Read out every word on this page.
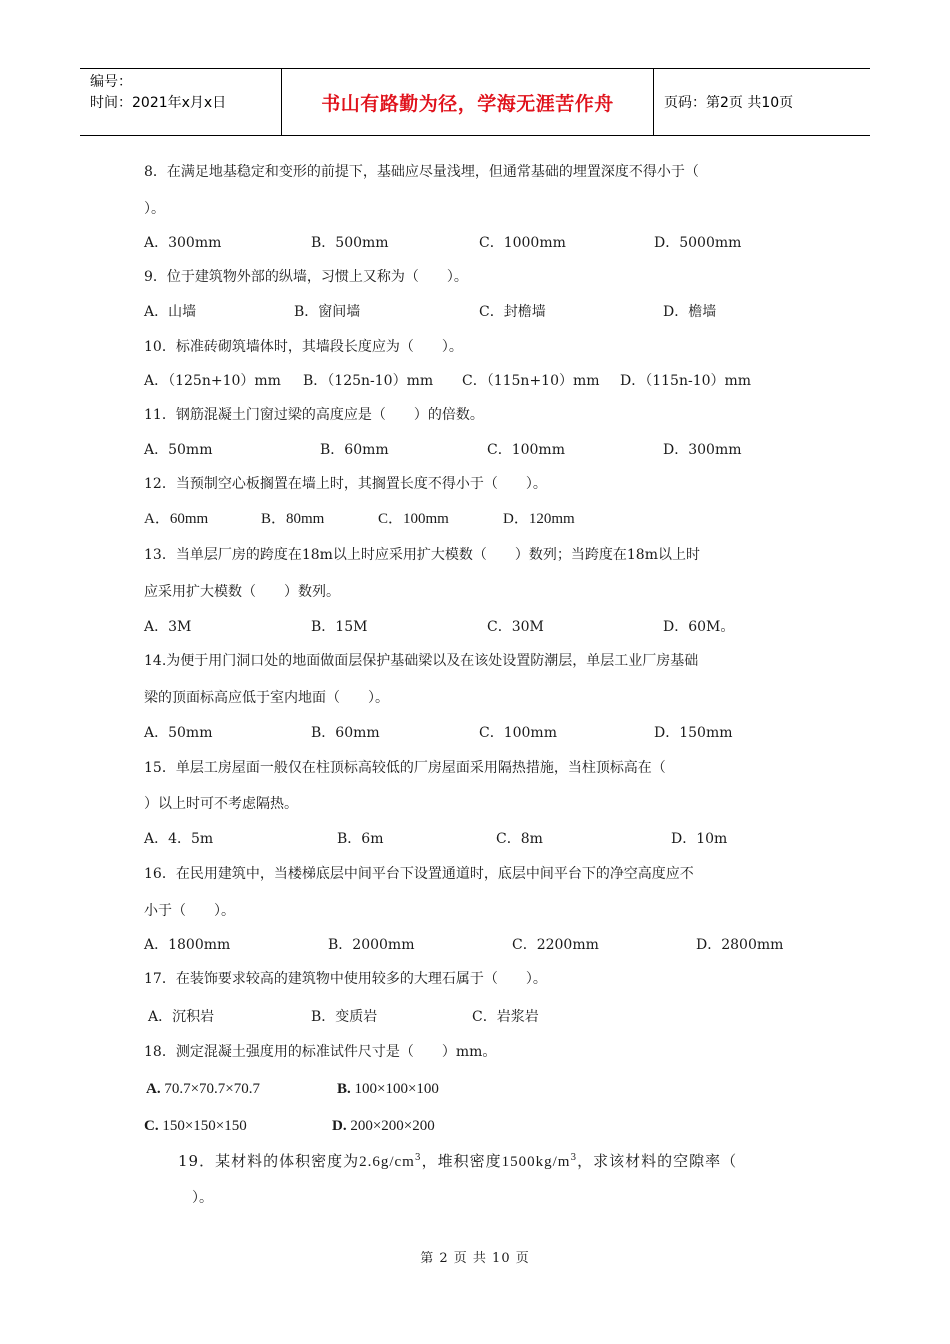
编号：
时间：2021年x月x日	书山有路勤为径，学海无涯苦作舟	页码：第2页 共10页
8．在满足地基稳定和变形的前提下，基础应尽量浅埋，但通常基础的埋置深度不得小于（
）。
A．300mm	B．500mm	C．1000mm	D．5000mm
9．位于建筑物外部的纵墙，习惯上又称为（　　）。
A．山墙	B．窗间墙	C．封檐墙	D．檐墙
10．标准砖砌筑墙体时，其墙段长度应为（　　）。
A．（125n+10）mm B．（125n-10）mm C．（115n+10）mm D．（115n-10）mm
11．钢筋混凝土门窗过梁的高度应是（　　）的倍数。
A．50mm	B．60mm	C．100mm	D．300mm
12．当预制空心板搁置在墙上时，其搁置长度不得小于（　　）。
A．60mm	B．80mm	C．100mm	D．120mm
13．当单层厂房的跨度在18m以上时应采用扩大模数（　　）数列；当跨度在18m以上时
应采用扩大模数（　　）数列。
A．3M	B．15M	C．30M	D．60M。
14.为便于用门洞口处的地面做面层保护基础梁以及在该处设置防潮层，单层工业厂房基础
梁的顶面标高应低于室内地面（　　）。
A．50mm	B．60mm	C．100mm	D．150mm
15．单层工房屋面一般仅在柱顶标高较低的厂房屋面采用隔热措施，当柱顶标高在（
）以上时可不考虑隔热。
A．4．5m	B．6m	C．8m	D．10m
16．在民用建筑中，当楼梯底层中间平台下设置通道时，底层中间平台下的净空高度应不
小于（　　）。
A．1800mm	B．2000mm	C．2200mm	D．2800mm
17．在装饰要求较高的建筑物中使用较多的大理石属于（　　）。
A．沉积岩	B．变质岩	C．岩浆岩
18．测定混凝土强度用的标准试件尺寸是（　　）mm。
A. 70.7×70.7×70.7	B. 100×100×100
C. 150×150×150	D. 200×200×200
19．某材料的体积密度为$2.6g/cm^3$，堆积密度$1500kg/m^3$，求该材料的空隙率（
）。
第 2 页 共 10 页
